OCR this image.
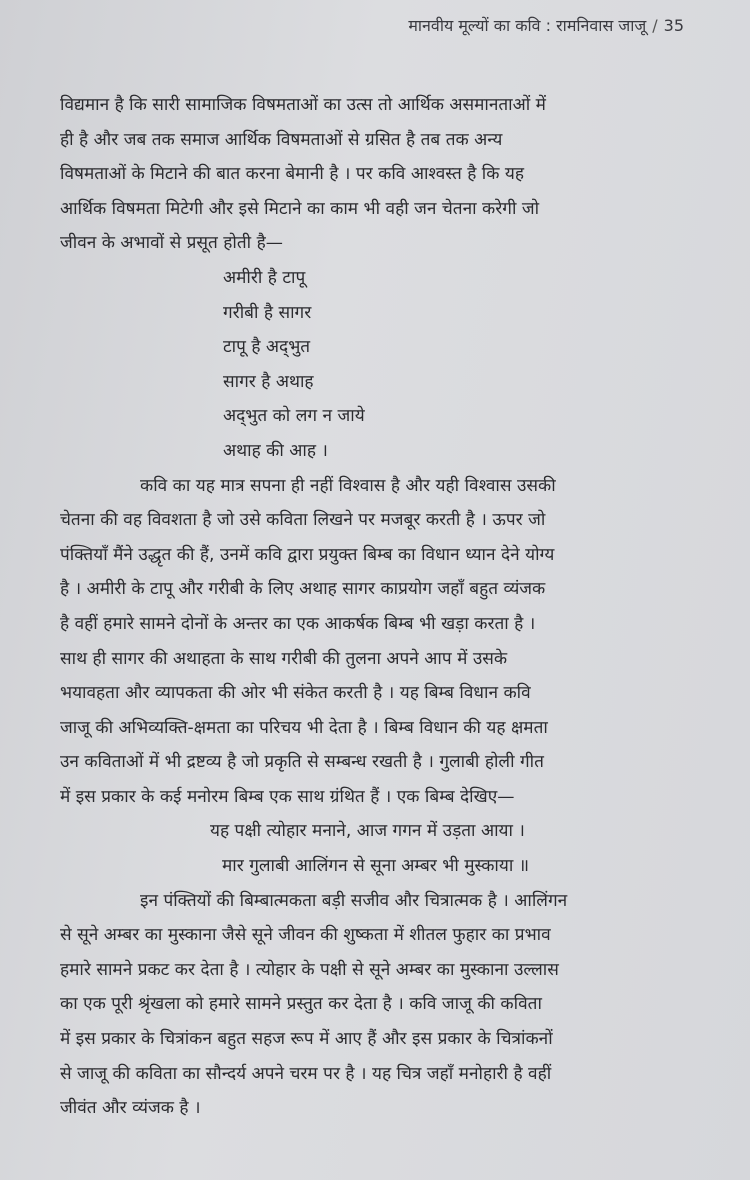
मानवीय मूल्यों का कवि : रामनिवास जाजू / 35
विद्यमान है कि सारी सामाजिक विषमताओं का उत्स तो आर्थिक असमानताओं में
ही है और जब तक समाज आर्थिक विषमताओं से ग्रसित है तब तक अन्य
विषमताओं के मिटाने की बात करना बेमानी है । पर कवि आश्वस्त है कि यह
आर्थिक विषमता मिटेगी और इसे मिटाने का काम भी वही जन चेतना करेगी जो
जीवन के अभावों से प्रसूत होती है—
अमीरी है टापू
गरीबी है सागर
टापू है अद्‌भुत
सागर है अथाह
अद्‌भुत को लग न जाये
अथाह की आह ।
कवि का यह मात्र सपना ही नहीं विश्वास है और यही विश्वास उसकी
चेतना की वह विवशता है जो उसे कविता लिखने पर मजबूर करती है । ऊपर जो
पंक्तियाँ मैंने उद्धृत की हैं, उनमें कवि द्वारा प्रयुक्त बिम्ब का विधान ध्यान देने योग्य
है । अमीरी के टापू और गरीबी के लिए अथाह सागर काप्रयोग जहाँ बहुत व्यंजक
है वहीं हमारे सामने दोनों के अन्तर का एक आकर्षक बिम्ब भी खड़ा करता है ।
साथ ही सागर की अथाहता के साथ गरीबी की तुलना अपने आप में उसके
भयावहता और व्यापकता की ओर भी संकेत करती है । यह बिम्ब विधान कवि
जाजू की अभिव्यक्ति-क्षमता का परिचय भी देता है । बिम्ब विधान की यह क्षमता
उन कविताओं में भी द्रष्टव्य है जो प्रकृति से सम्बन्ध रखती है । गुलाबी होली गीत
में इस प्रकार के कई मनोरम बिम्ब एक साथ ग्रंथित हैं । एक बिम्ब देखिए—
यह पक्षी त्योहार मनाने, आज गगन में उड़ता आया ।
मार गुलाबी आलिंगन से सूना अम्बर भी मुस्काया ॥
इन पंक्तियों की बिम्बात्मकता बड़ी सजीव और चित्रात्मक है । आलिंगन
से सूने अम्बर का मुस्काना जैसे सूने जीवन की शुष्कता में शीतल फुहार का प्रभाव
हमारे सामने प्रकट कर देता है । त्योहार के पक्षी से सूने अम्बर का मुस्काना उल्लास
का एक पूरी श्रृंखला को हमारे सामने प्रस्तुत कर देता है । कवि जाजू की कविता
में इस प्रकार के चित्रांकन बहुत सहज रूप में आए हैं और इस प्रकार के चित्रांकनों
से जाजू की कविता का सौन्दर्य अपने चरम पर है । यह चित्र जहाँ मनोहारी है वहीं
जीवंत और व्यंजक है ।
